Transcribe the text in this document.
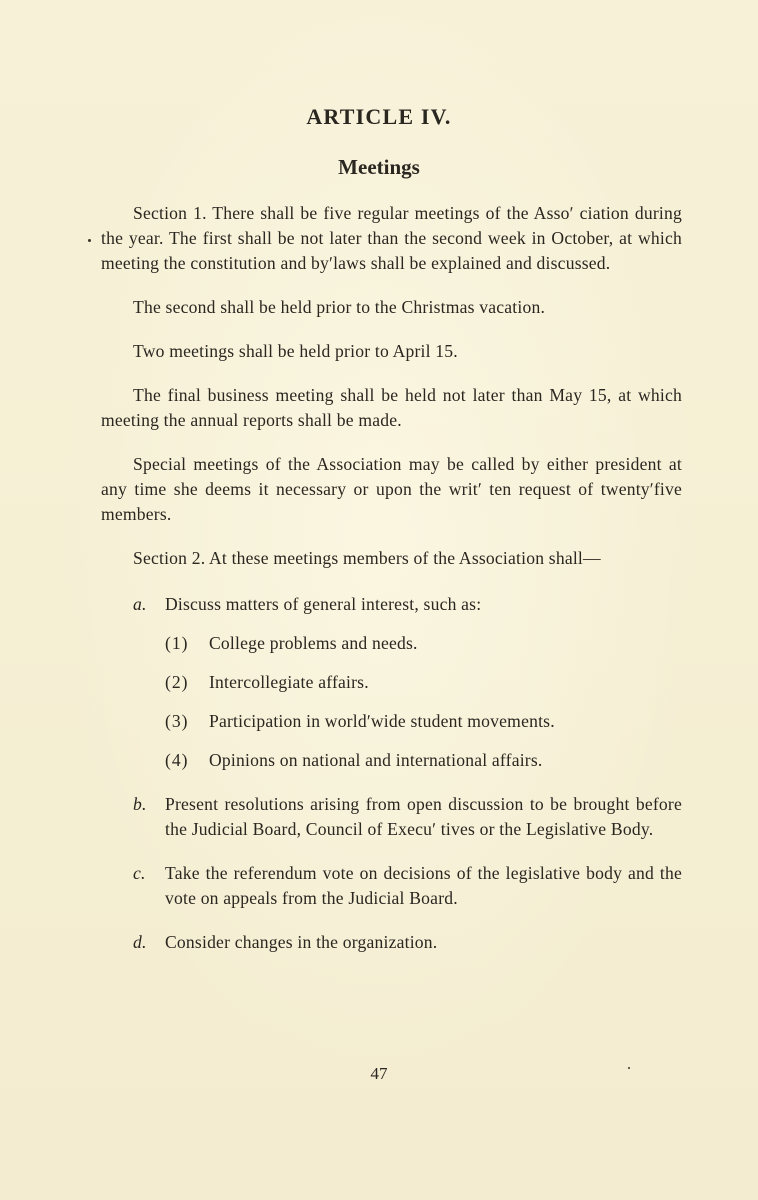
ARTICLE IV.
Meetings

Section 1. There shall be five regular meetings of the Assoʹ ciation during the year. The first shall be not later than the second week in October, at which meeting the constitution and byʹlaws shall be explained and discussed.

The second shall be held prior to the Christmas vacation.

Two meetings shall be held prior to April 15.

The final business meeting shall be held not later than May 15, at which meeting the annual reports shall be made.

Special meetings of the Association may be called by either president at any time she deems it necessary or upon the writʹ ten request of twentyʹfive members.

Section 2. At these meetings members of the Association shall—

a. Discuss matters of general interest, such as:
(1) College problems and needs.
(2) Intercollegiate affairs.
(3) Participation in worldʹwide student movements.
(4) Opinions on national and international affairs.
b. Present resolutions arising from open discussion to be brought before the Judicial Board, Council of Execuʹ tives or the Legislative Body.
c. Take the referendum vote on decisions of the legislative body and the vote on appeals from the Judicial Board.
d. Consider changes in the organization.
47
